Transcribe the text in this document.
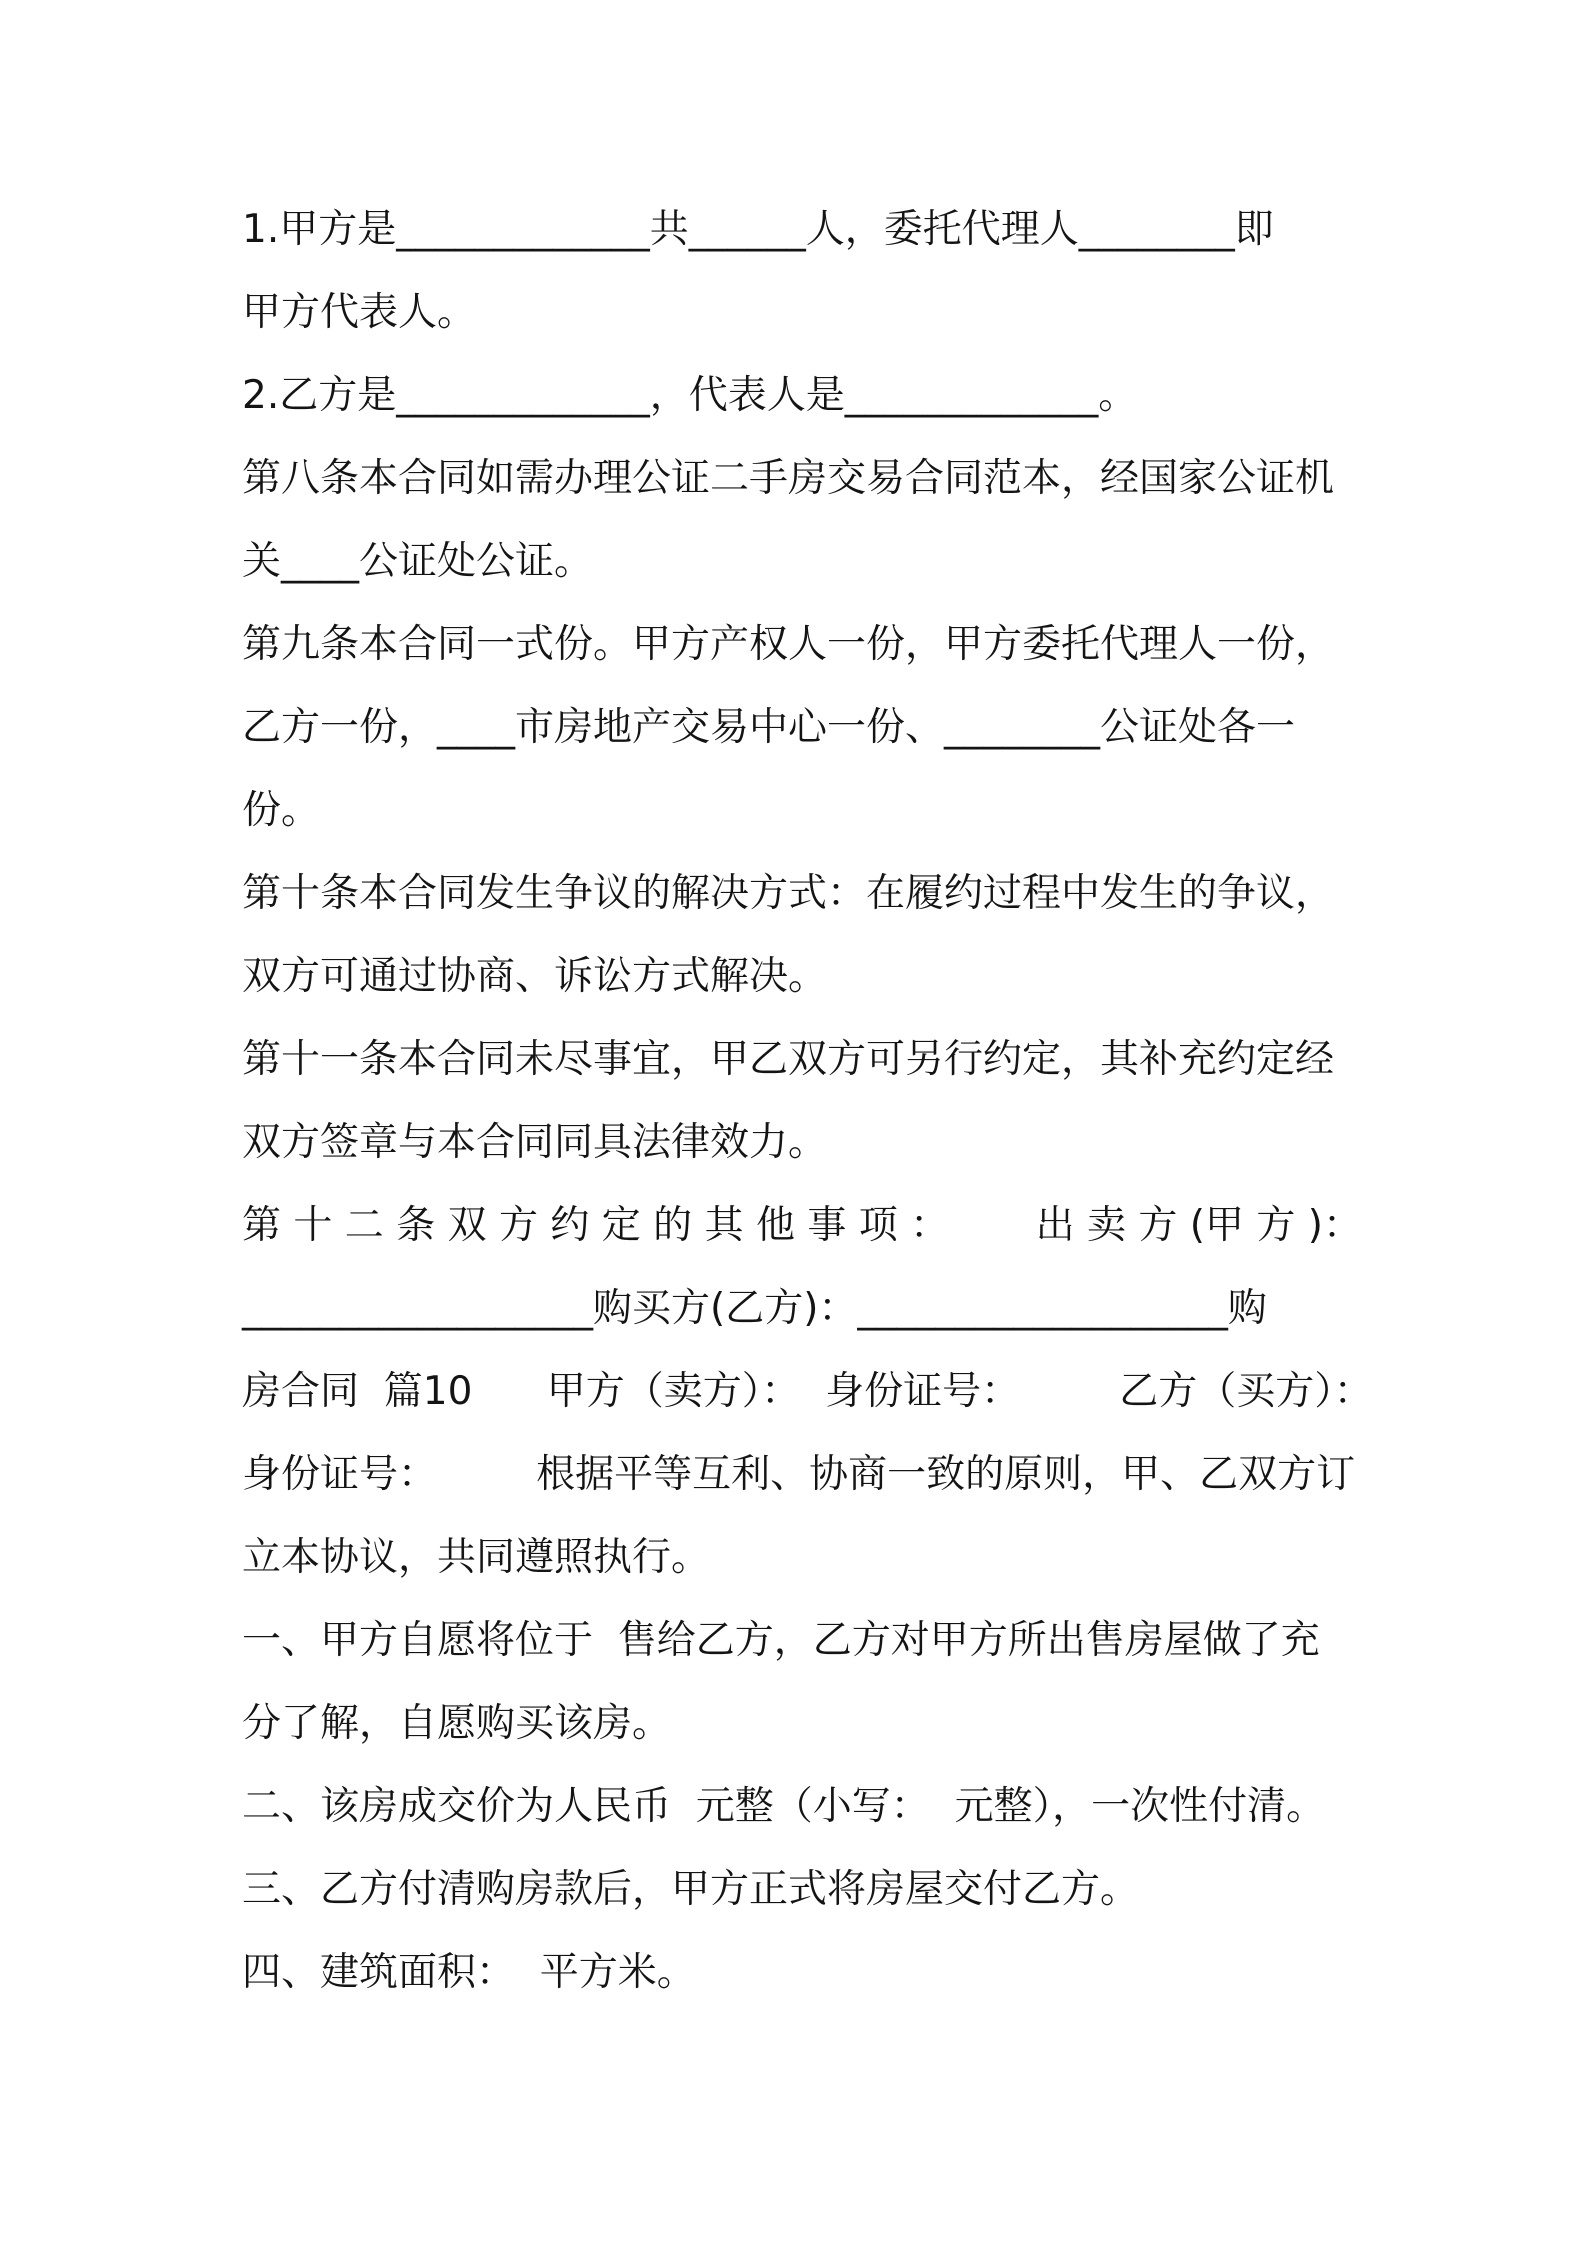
1.甲方是_____________共______人，委托代理人________即
甲方代表人。
2.乙方是_____________，代表人是_____________。
第八条本合同如需办理公证二手房交易合同范本，经国家公证机
关____公证处公证。
第九条本合同一式份。甲方产权人一份，甲方委托代理人一份，
乙方一份，____市房地产交易中心一份、________公证处各一
份。
第十条本合同发生争议的解决方式：在履约过程中发生的争议，
双方可通过协商、诉讼方式解决。
第十一条本合同未尽事宜，甲乙双方可另行约定，其补充约定经
双方签章与本合同同具法律效力。
第 十 二 条 双 方 约 定 的 其 他 事 项 ： 出 卖 方 (甲 方 )：
__________________购买方(乙方)：___________________购
房合同  篇10      甲方（卖方）：  身份证号：        乙方（买方）：
身份证号：        根据平等互利、协商一致的原则，甲、乙双方订
立本协议，共同遵照执行。
一、甲方自愿将位于  售给乙方，乙方对甲方所出售房屋做了充
分了解，自愿购买该房。
二、该房成交价为人民币  元整（小写：  元整），一次性付清。
三、乙方付清购房款后，甲方正式将房屋交付乙方。
四、建筑面积：  平方米。
